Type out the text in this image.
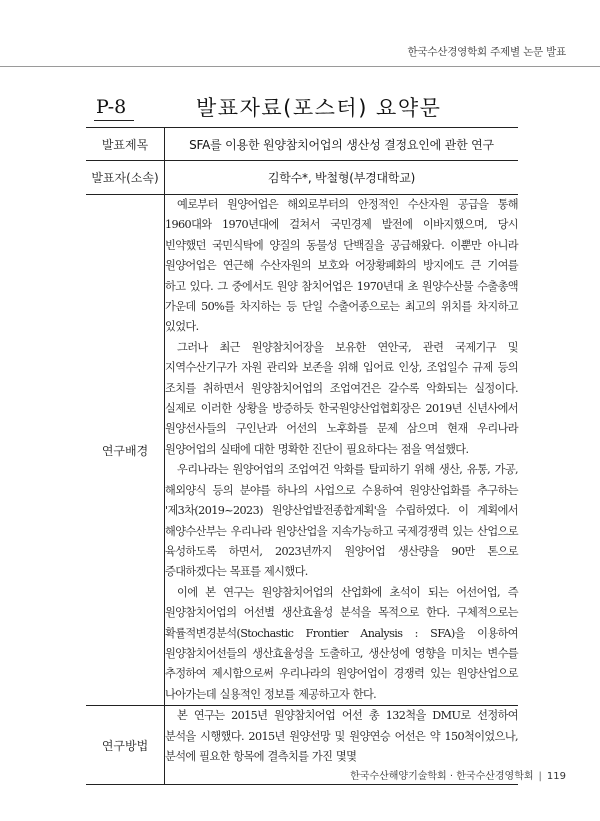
한국수산경영학회 주제별 논문 발표
P-8	발표자료(포스터) 요약문
발표제목	SFA를 이용한 원양참치어업의 생산성 결정요인에 관한 연구
발표자(소속)	김학수*, 박철형(부경대학교)
연구배경	예로부터 원양어업은 해외로부터의 안정적인 수산자원 공급을 통해 1960대와 1970년대에 걸쳐서 국민경제 발전에 이바지했으며, 당시 빈약했던 국민식탁에 양질의 동물성 단백질을 공급해왔다. 이뿐만 아니라 원양어업은 연근해 수산자원의 보호와 어장황폐화의 방지에도 큰 기여를 하고 있다. 그 중에서도 원양 참치어업은 1970년대 초 원양수산물 수출총액 가운데 50%를 차지하는 등 단일 수출어종으로는 최고의 위치를 차지하고 있었다.

그러나 최근 원양참치어장을 보유한 연안국, 관련 국제기구 및 지역수산기구가 자원 관리와 보존을 위해 입어료 인상, 조업일수 규제 등의 조치를 취하면서 원양참치어업의 조업여건은 갈수록 악화되는 실정이다. 실제로 이러한 상황을 방증하듯 한국원양산업협회장은 2019년 신년사에서 원양선사들의 구인난과 어선의 노후화를 문제 삼으며 현재 우리나라 원양어업의 실태에 대한 명확한 진단이 필요하다는 점을 역설했다.

우리나라는 원양어업의 조업여건 악화를 탈피하기 위해 생산, 유통, 가공, 해외양식 등의 분야를 하나의 사업으로 수용하여 원양산업화를 추구하는 '제3차(2019~2023) 원양산업발전종합계획'을 수립하였다. 이 계획에서 해양수산부는 우리나라 원양산업을 지속가능하고 국제경쟁력 있는 산업으로 육성하도록 하면서, 2023년까지 원양어업 생산량을 90만 톤으로 증대하겠다는 목표를 제시했다.

이에 본 연구는 원양참치어업의 산업화에 초석이 되는 어선어업, 즉 원양참치어업의 어선별 생산효율성 분석을 목적으로 한다. 구체적으로는 확률적변경분석(Stochastic Frontier Analysis : SFA)을 이용하여 원양참치어선들의 생산효율성을 도출하고, 생산성에 영향을 미치는 변수를 추정하여 제시함으로써 우리나라의 원양어업이 경쟁력 있는 원양산업으로 나아가는데 실용적인 정보를 제공하고자 한다.

연구방법	본 연구는 2015년 원양참치어업 어선 총 132척을 DMU로 선정하여 분석을 시행했다. 2015년 원양선망 및 원양연승 어선은 약 150척이었으나, 분석에 필요한 항목에 결측치를 가진 몇몇

한국수산해양기술학회 · 한국수산경영학회 | 119
